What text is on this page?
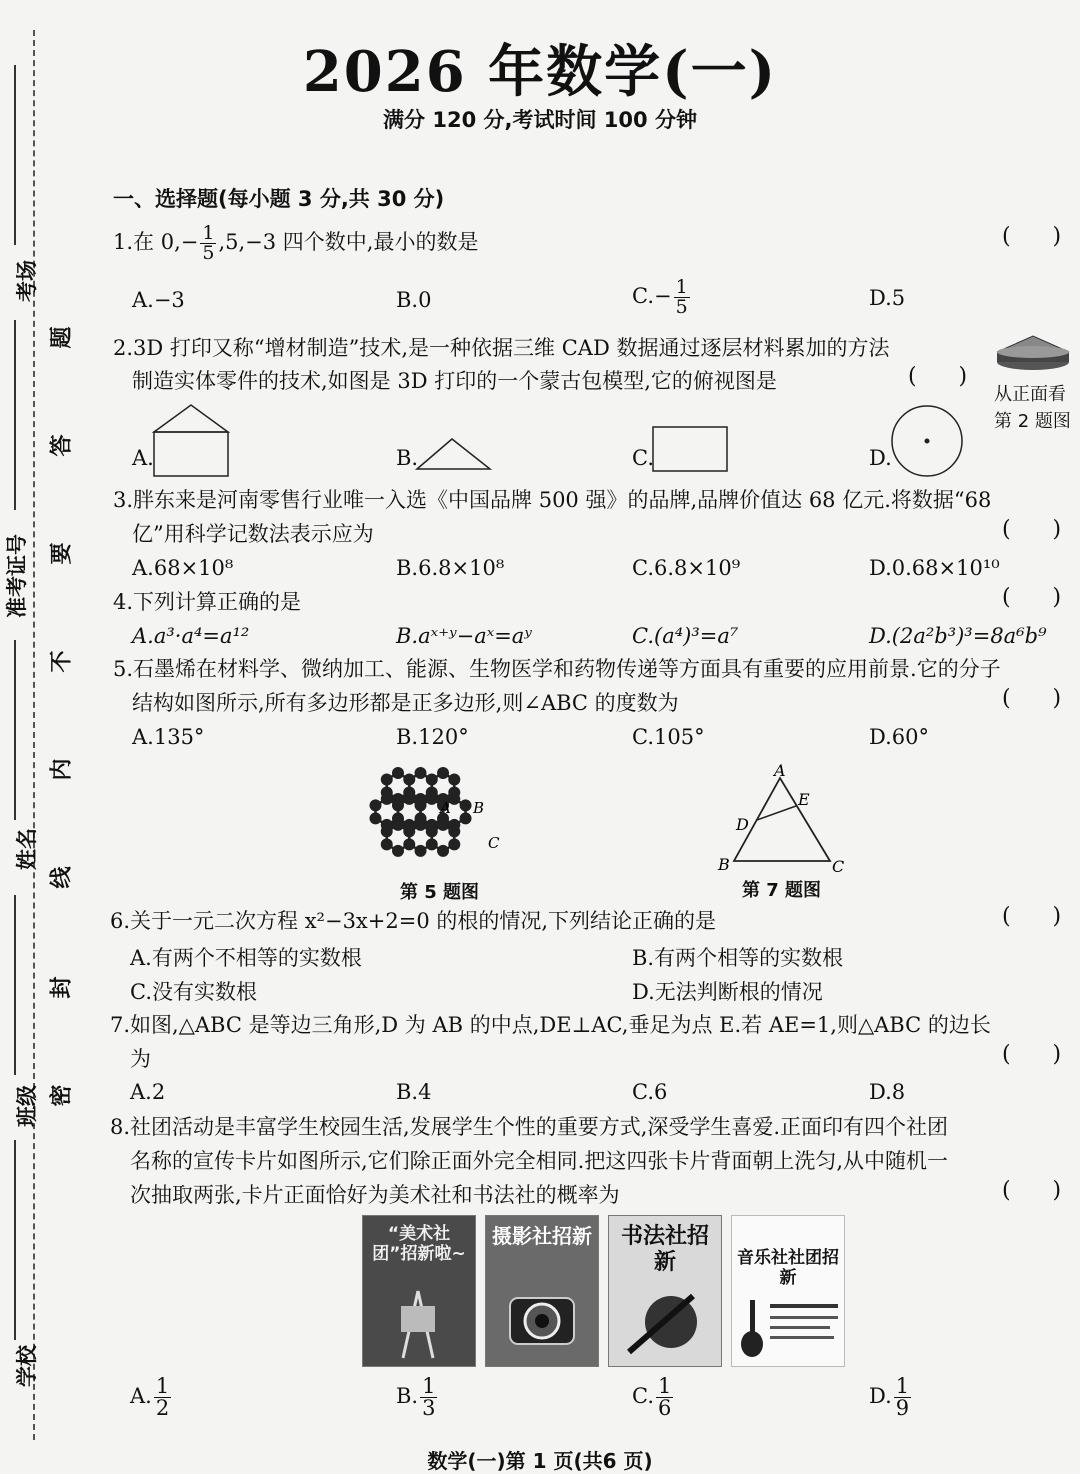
考场
准考证号
姓名
班级
学校
题
答
要
不
内
线
封
密
2026 年数学(一)
满分 120 分,考试时间 100 分钟
一、选择题(每小题 3 分,共 30 分)
1.在 $0,- \frac{1}{5} ,5,-3$ 四个数中,最小的数是	(      )
A.−3	B.0	$C.- \frac{1}{5}$	D.5
2.3D 打印又称“增材制造”技术,是一种依据三维 CAD 数据通过逐层材料累加的方法
制造实体零件的技术,如图是 3D 打印的一个蒙古包模型,它的俯视图是	(      )
从正面看
第 2 题图
A.	B.	C.	D.
3.胖东来是河南零售行业唯一入选《中国品牌 500 强》的品牌,品牌价值达 68 亿元.将数据“68
亿”用科学记数法表示应为	(      )
A.68×10⁸	B.6.8×10⁸	C.6.8×10⁹	D.0.68×10¹⁰
4.下列计算正确的是	(      )
A.a³·a⁴=a¹²	B.aˣ⁺ʸ−aˣ=aʸ	C.(a⁴)³=a⁷	D.(2a²b³)³=8a⁶b⁹
5.石墨烯在材料学、微纳加工、能源、生物医学和药物传递等方面具有重要的应用前景.它的分子
结构如图所示,所有多边形都是正多边形,则∠ABC 的度数为	(      )
A.135°	B.120°	C.105°	D.60°
A B
C
第 5 题图
A
E
D
B	C
第 7 题图
6.关于一元二次方程 x²−3x+2=0 的根的情况,下列结论正确的是	(      )
A.有两个不相等的实数根	B.有两个相等的实数根
C.没有实数根	D.无法判断根的情况
7.如图,△ABC 是等边三角形,D 为 AB 的中点,DE⊥AC,垂足为点 E.若 AE=1,则△ABC 的边长
为	(      )
A.2	B.4	C.6	D.8
8.社团活动是丰富学生校园生活,发展学生个性的重要方式,深受学生喜爱.正面印有四个社团
名称的宣传卡片如图所示,它们除正面外完全相同.把这四张卡片背面朝上洗匀,从中随机一
次抽取两张,卡片正面恰好为美术社和书法社的概率为	(      )
“美术社团”招新啦~
摄影社招新	书法社招新	音乐社社团招新
A. $\frac{1}{2}$	B. $\frac{1}{3}$	C. $\frac{1}{6}$	D. $\frac{1}{9}$
数学(一)第 1 页(共6 页)
